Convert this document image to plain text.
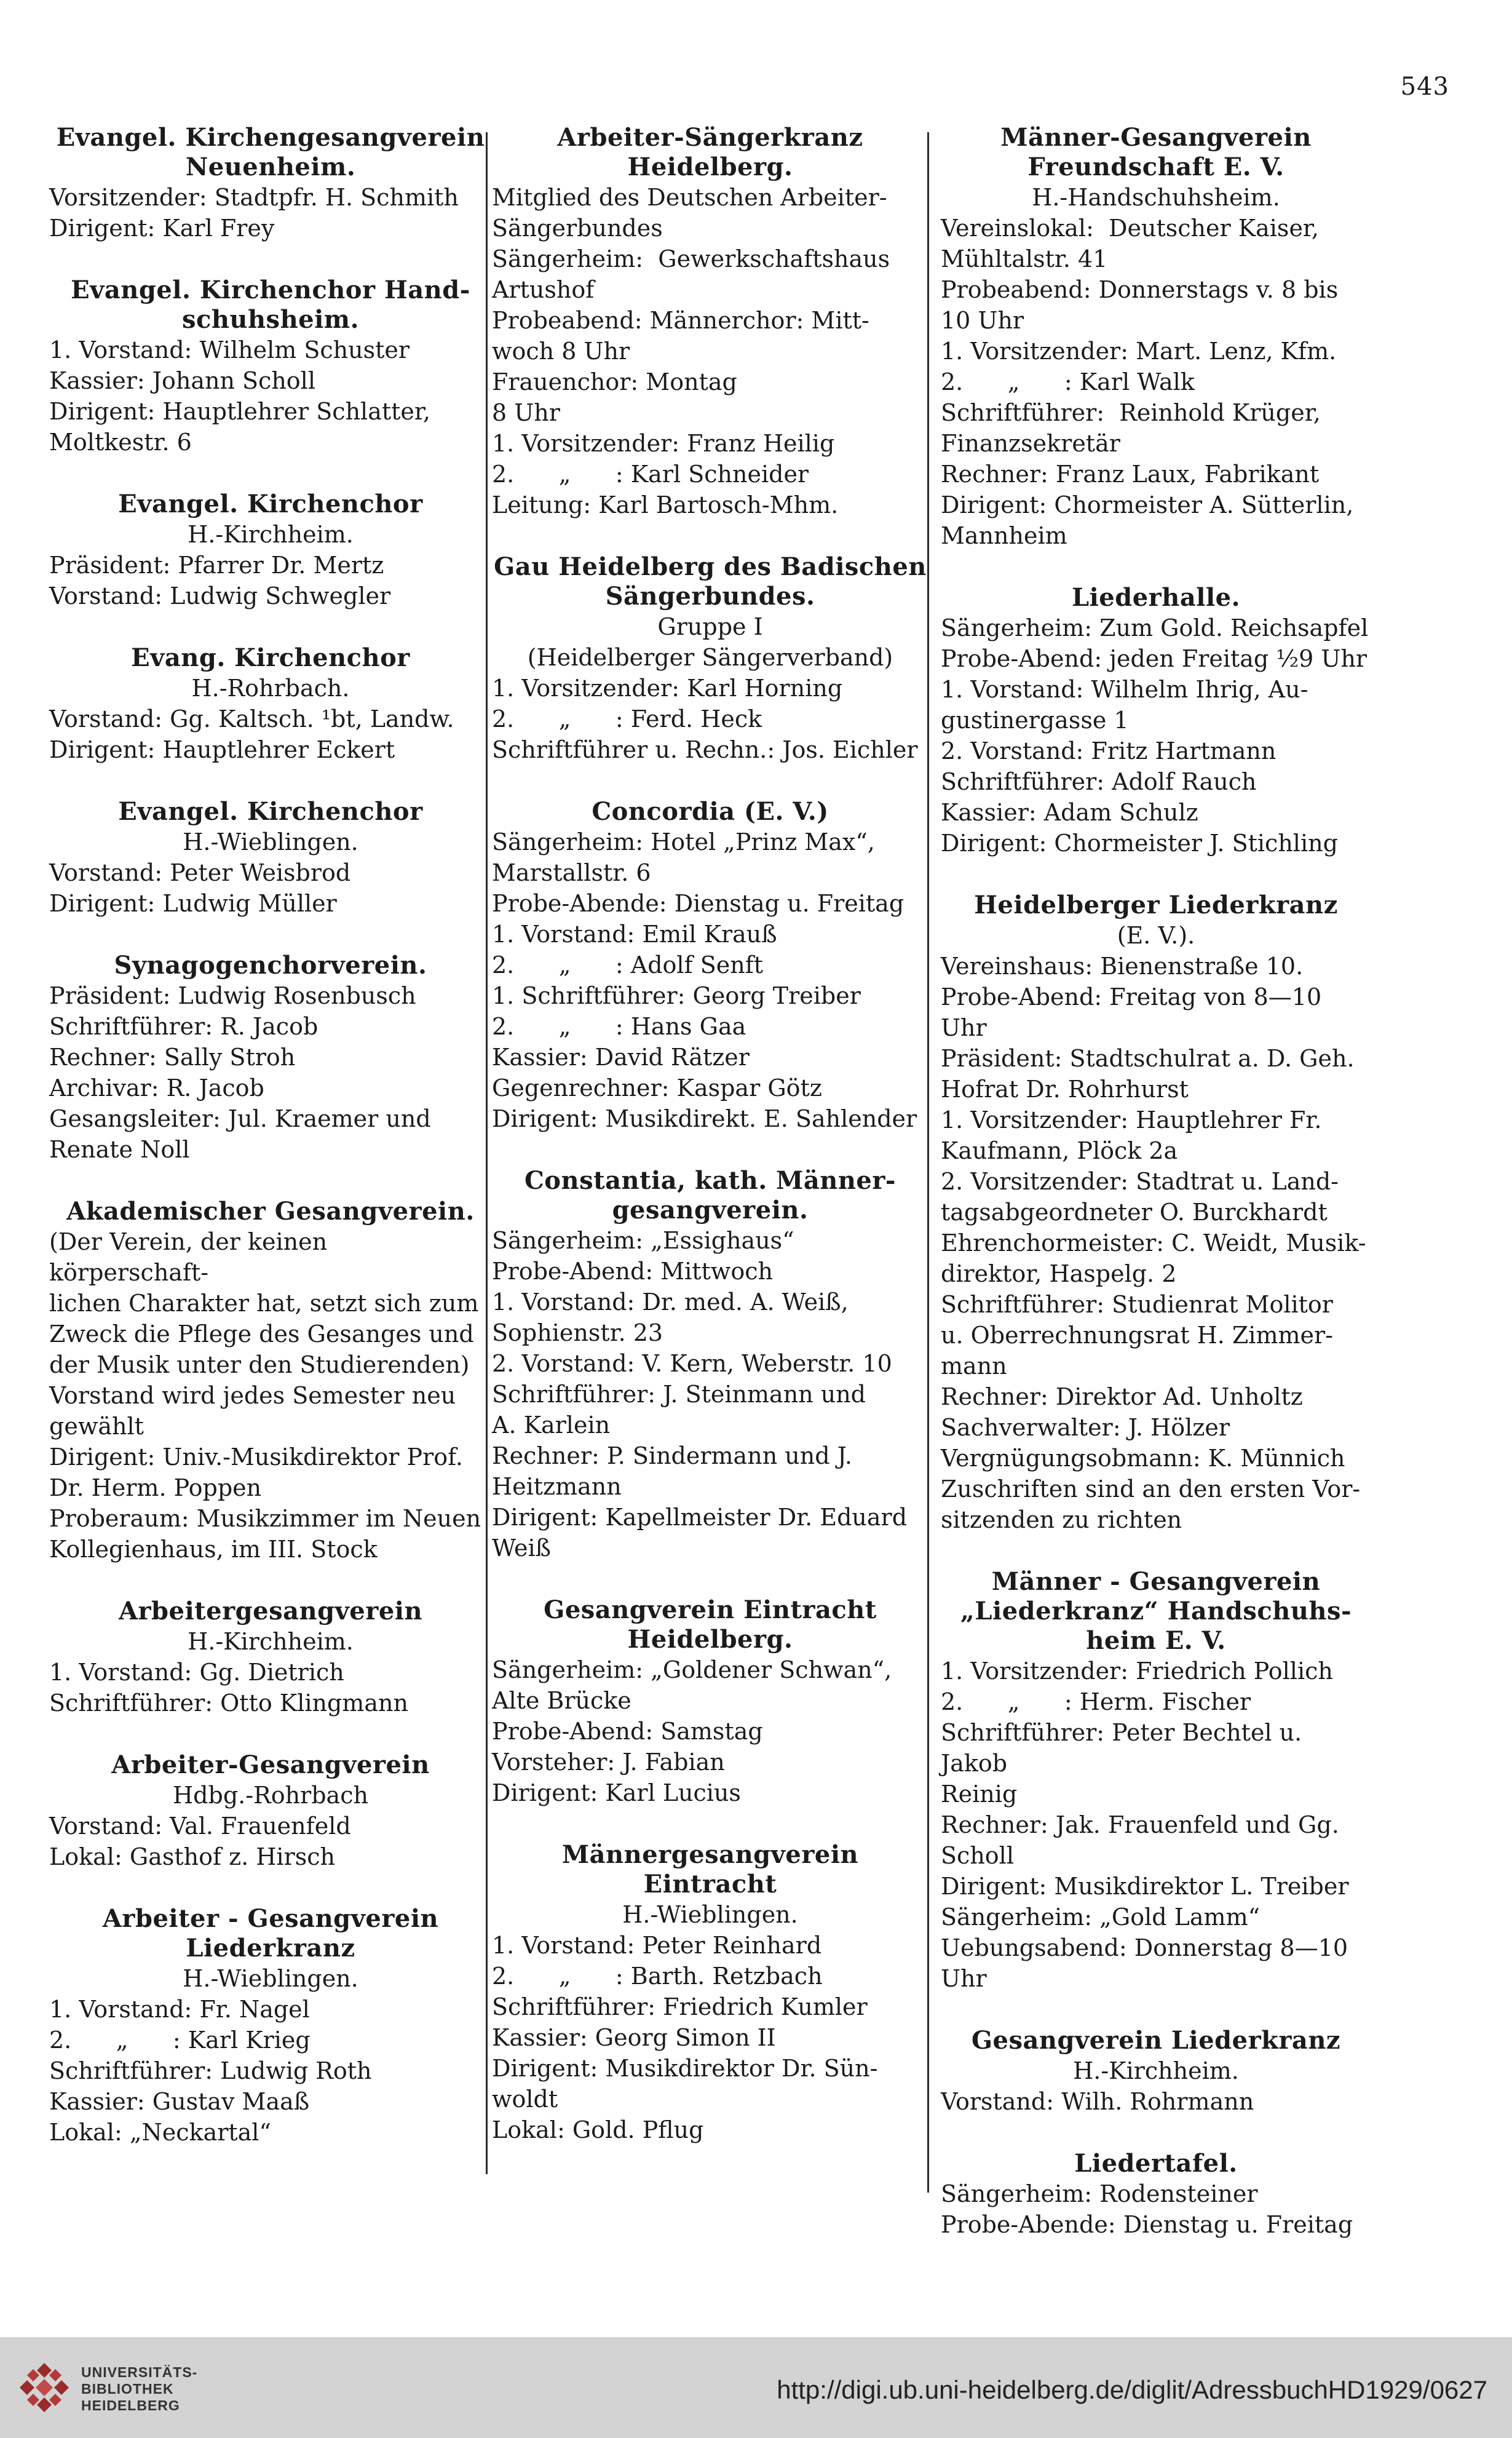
543
Evangel. Kirchengesangverein
Neuenheim.
Vorsitzender: Stadtpfr. H. Schmith
Dirigent: Karl Frey
Evangel. Kirchenchor Hand-
schuhsheim.
1. Vorstand: Wilhelm Schuster
Kassier: Johann Scholl
Dirigent: Hauptlehrer Schlatter,
Moltkestr. 6
Evangel. Kirchenchor
H.-Kirchheim.
Präsident: Pfarrer Dr. Mertz
Vorstand: Ludwig Schwegler
Evang. Kirchenchor
H.-Rohrbach.
Vorstand: Gg. Kaltsch. ¹bt, Landw.
Dirigent: Hauptlehrer Eckert
Evangel. Kirchenchor
H.-Wieblingen.
Vorstand: Peter Weisbrod
Dirigent: Ludwig Müller
Synagogenchorverein.
Präsident: Ludwig Rosenbusch
Schriftführer: R. Jacob
Rechner: Sally Stroh
Archivar: R. Jacob
Gesangsleiter: Jul. Kraemer und
Renate Noll
Akademischer Gesangverein.
(Der Verein, der keinen körperschaft-
lichen Charakter hat, setzt sich zum
Zweck die Pflege des Gesanges und
der Musik unter den Studierenden)
Vorstand wird jedes Semester neu
gewählt
Dirigent: Univ.-Musikdirektor Prof.
Dr. Herm. Poppen
Proberaum: Musikzimmer im Neuen
Kollegienhaus, im III. Stock
Arbeitergesangverein
H.-Kirchheim.
1. Vorstand: Gg. Dietrich
Schriftführer: Otto Klingmann
Arbeiter-Gesangverein
Hdbg.-Rohrbach
Vorstand: Val. Frauenfeld
Lokal: Gasthof z. Hirsch
Arbeiter - Gesangverein
Liederkranz
H.-Wieblingen.
1. Vorstand: Fr. Nagel
2.      „      : Karl Krieg
Schriftführer: Ludwig Roth
Kassier: Gustav Maaß
Lokal: „Neckartal“
Arbeiter-Sängerkranz
Heidelberg.
Mitglied des Deutschen Arbeiter-
Sängerbundes
Sängerheim:  Gewerkschaftshaus
Artushof
Probeabend: Männerchor: Mitt-
woch 8 Uhr
Frauenchor: Montag
8 Uhr
1. Vorsitzender: Franz Heilig
2.      „      : Karl Schneider
Leitung: Karl Bartosch-Mhm.
Gau Heidelberg des Badischen
Sängerbundes.
Gruppe I
(Heidelberger Sängerverband)
1. Vorsitzender: Karl Horning
2.      „      : Ferd. Heck
Schriftführer u. Rechn.: Jos. Eichler
Concordia (E. V.)
Sängerheim: Hotel „Prinz Max“,
Marstallstr. 6
Probe-Abende: Dienstag u. Freitag
1. Vorstand: Emil Krauß
2.      „      : Adolf Senft
1. Schriftführer: Georg Treiber
2.      „      : Hans Gaa
Kassier: David Rätzer
Gegenrechner: Kaspar Götz
Dirigent: Musikdirekt. E. Sahlender
Constantia, kath. Männer-
gesangverein.
Sängerheim: „Essighaus“
Probe-Abend: Mittwoch
1. Vorstand: Dr. med. A. Weiß,
Sophienstr. 23
2. Vorstand: V. Kern, Weberstr. 10
Schriftführer: J. Steinmann und
A. Karlein
Rechner: P. Sindermann und J.
Heitzmann
Dirigent: Kapellmeister Dr. Eduard
Weiß
Gesangverein Eintracht
Heidelberg.
Sängerheim: „Goldener Schwan“,
Alte Brücke
Probe-Abend: Samstag
Vorsteher: J. Fabian
Dirigent: Karl Lucius
Männergesangverein
Eintracht
H.-Wieblingen.
1. Vorstand: Peter Reinhard
2.      „      : Barth. Retzbach
Schriftführer: Friedrich Kumler
Kassier: Georg Simon II
Dirigent: Musikdirektor Dr. Sün-
woldt
Lokal: Gold. Pflug
Männer-Gesangverein
Freundschaft E. V.
H.-Handschuhsheim.
Vereinslokal:  Deutscher Kaiser,
Mühltalstr. 41
Probeabend: Donnerstags v. 8 bis
10 Uhr
1. Vorsitzender: Mart. Lenz, Kfm.
2.      „      : Karl Walk
Schriftführer:  Reinhold Krüger,
Finanzsekretär
Rechner: Franz Laux, Fabrikant
Dirigent: Chormeister A. Sütterlin,
Mannheim
Liederhalle.
Sängerheim: Zum Gold. Reichsapfel
Probe-Abend: jeden Freitag ½9 Uhr
1. Vorstand: Wilhelm Ihrig, Au-
gustinergasse 1
2. Vorstand: Fritz Hartmann
Schriftführer: Adolf Rauch
Kassier: Adam Schulz
Dirigent: Chormeister J. Stichling
Heidelberger Liederkranz
(E. V.).
Vereinshaus: Bienenstraße 10.
Probe-Abend: Freitag von 8—10
Uhr
Präsident: Stadtschulrat a. D. Geh.
Hofrat Dr. Rohrhurst
1. Vorsitzender: Hauptlehrer Fr.
Kaufmann, Plöck 2a
2. Vorsitzender: Stadtrat u. Land-
tagsabgeordneter O. Burckhardt
Ehrenchormeister: C. Weidt, Musik-
direktor, Haspelg. 2
Schriftführer: Studienrat Molitor
u. Oberrechnungsrat H. Zimmer-
mann
Rechner: Direktor Ad. Unholtz
Sachverwalter: J. Hölzer
Vergnügungsobmann: K. Münnich
Zuschriften sind an den ersten Vor-
sitzenden zu richten
Männer - Gesangverein
„Liederkranz“ Handschuhs-
heim E. V.
1. Vorsitzender: Friedrich Pollich
2.      „      : Herm. Fischer
Schriftführer: Peter Bechtel u. Jakob
Reinig
Rechner: Jak. Frauenfeld und Gg.
Scholl
Dirigent: Musikdirektor L. Treiber
Sängerheim: „Gold Lamm“
Uebungsabend: Donnerstag 8—10
Uhr
Gesangverein Liederkranz
H.-Kirchheim.
Vorstand: Wilh. Rohrmann
Liedertafel.
Sängerheim: Rodensteiner
Probe-Abende: Dienstag u. Freitag
UNIVERSITÄTS-
BIBLIOTHEK
HEIDELBERG
http://digi.ub.uni-heidelberg.de/diglit/AdressbuchHD1929/0627
